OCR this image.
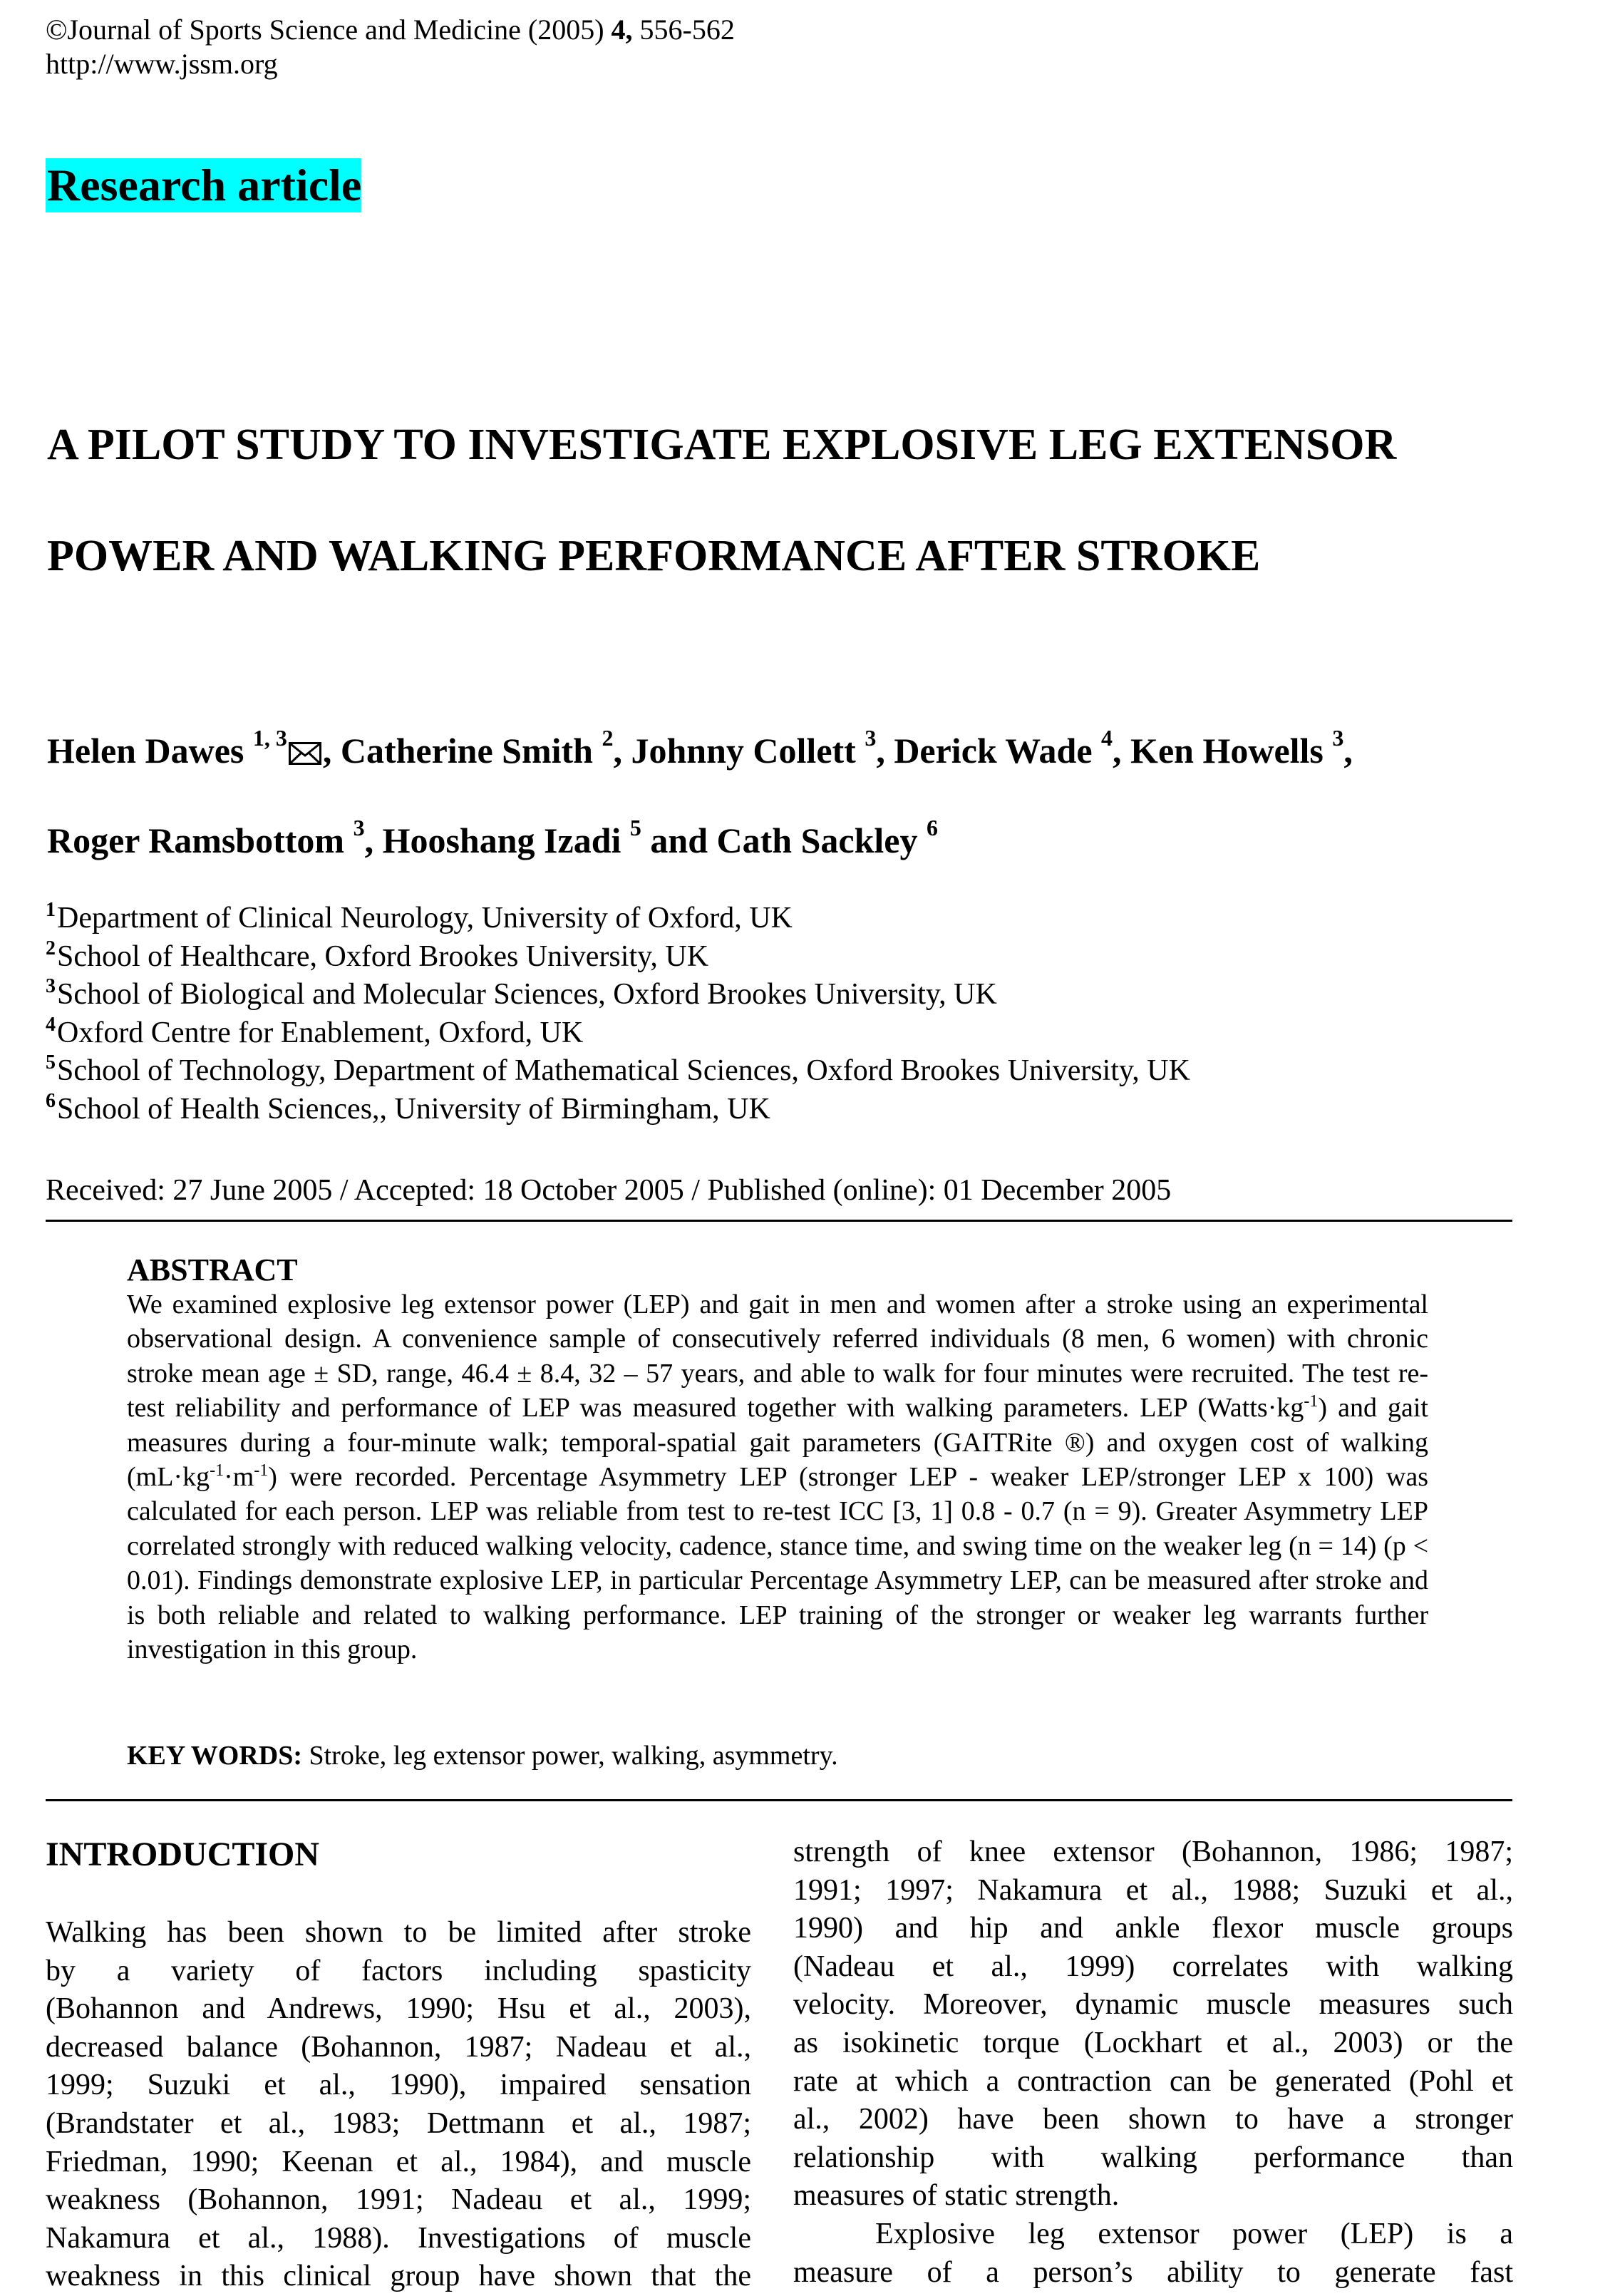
©Journal of Sports Science and Medicine (2005) 4, 556-562
http://www.jssm.org
Research article
A PILOT STUDY TO INVESTIGATE EXPLOSIVE LEG EXTENSOR
POWER AND WALKING PERFORMANCE AFTER STROKE
Helen Dawes $^{1, 3}$ , Catherine Smith $^2$, Johnny Collett $^3$, Derick Wade $^4$, Ken Howells $^3$,
Roger Ramsbottom $^3$, Hooshang Izadi $^5$ and Cath Sackley $^6$
$^1$Department of Clinical Neurology, University of Oxford, UK
$^2$School of Healthcare, Oxford Brookes University, UK
$^3$School of Biological and Molecular Sciences, Oxford Brookes University, UK
$^4$Oxford Centre for Enablement, Oxford, UK
$^5$School of Technology, Department of Mathematical Sciences, Oxford Brookes University, UK
$^6$School of Health Sciences,, University of Birmingham, UK
Received: 27 June 2005 / Accepted: 18 October 2005 / Published (online): 01 December 2005
ABSTRACT
We examined explosive leg extensor power (LEP) and gait in men and women after a stroke using an experimental observational design. A convenience sample of consecutively referred individuals (8 men, 6 women) with chronic stroke mean age ± SD, range, 46.4 ± 8.4, 32 – 57 years, and able to walk for four minutes were recruited. The test re-test reliability and performance of LEP was measured together with walking parameters. LEP $(Watts\cdot kg^{-1})$ and gait measures during a four-minute walk; temporal-spatial gait parameters (GAITRite ®) and oxygen cost of walking $(mL\cdot kg^{-1}\cdot m^{-1})$ were recorded. Percentage Asymmetry LEP (stronger LEP - weaker LEP/stronger LEP x 100) was calculated for each person. LEP was reliable from test to re-test ICC [3, 1] 0.8 - 0.7 (n = 9). Greater Asymmetry LEP correlated strongly with reduced walking velocity, cadence, stance time, and swing time on the weaker leg (n = 14) (p < 0.01). Findings demonstrate explosive LEP, in particular Percentage Asymmetry LEP, can be measured after stroke and is both reliable and related to walking performance. LEP training of the stronger or weaker leg warrants further investigation in this group.
KEY WORDS: Stroke, leg extensor power, walking, asymmetry.
INTRODUCTION
Walking has been shown to be limited after stroke
by a variety of factors including spasticity
(Bohannon and Andrews, 1990; Hsu et al., 2003),
decreased balance (Bohannon, 1987; Nadeau et al.,
1999; Suzuki et al., 1990), impaired sensation
(Brandstater et al., 1983; Dettmann et al., 1987;
Friedman, 1990; Keenan et al., 1984), and muscle
weakness (Bohannon, 1991; Nadeau et al., 1999;
Nakamura et al., 1988). Investigations of muscle
weakness in this clinical group have shown that the
strength of knee extensor (Bohannon, 1986; 1987;
1991; 1997; Nakamura et al., 1988; Suzuki et al.,
1990) and hip and ankle flexor muscle groups
(Nadeau et al., 1999) correlates with walking
velocity. Moreover, dynamic muscle measures such
as isokinetic torque (Lockhart et al., 2003) or the
rate at which a contraction can be generated (Pohl et
al., 2002) have been shown to have a stronger
relationship with walking performance than
measures of static strength.
Explosive leg extensor power (LEP) is a
measure of a person’s ability to generate fast
